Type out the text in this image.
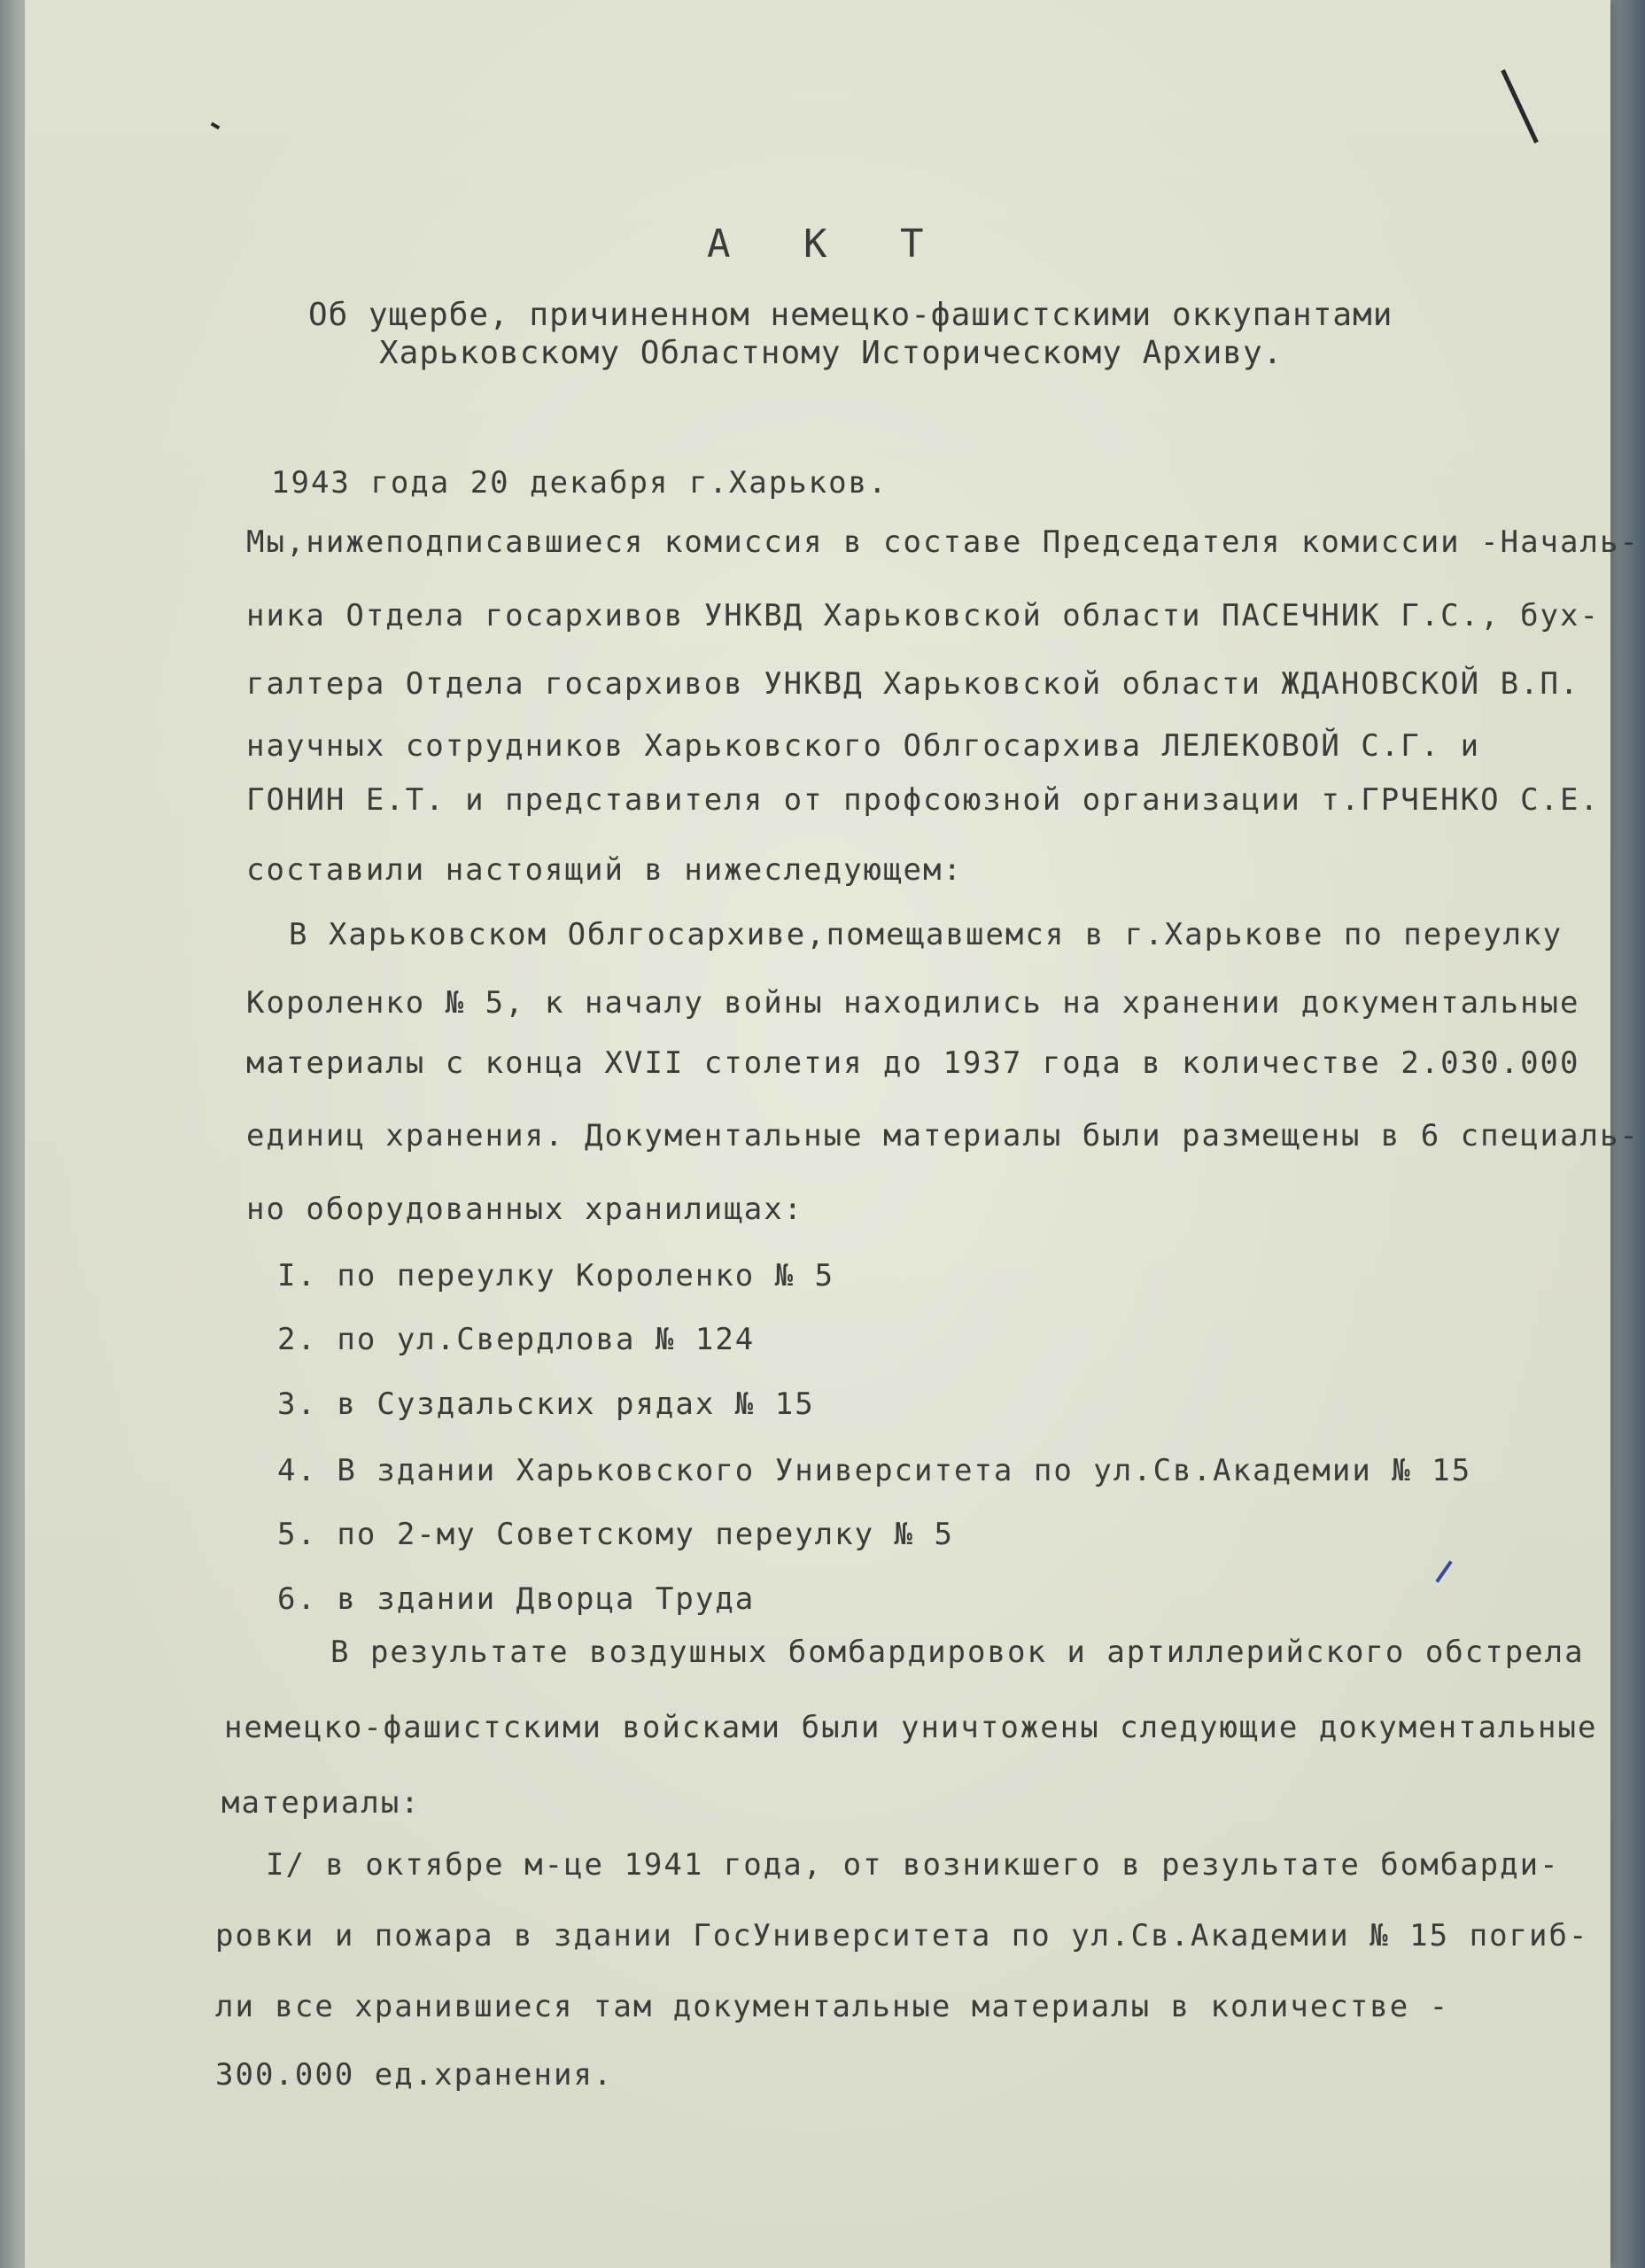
А К Т
Об ущербе, причиненном немецко-фашистскими оккупантами
Харьковскому Областному Историческому Архиву.
1943 года 20 декабря г.Харьков.
Мы,нижеподписавшиеся комиссия в составе Председателя комиссии -Началь-
ника Отдела госархивов УНКВД Харьковской области ПАСЕЧНИК Г.С., бух-
галтера Отдела госархивов УНКВД Харьковской области ЖДАНОВСКОЙ В.П.
научных сотрудников Харьковского Облгосархива ЛЕЛЕКОВОЙ С.Г. и
ГОНИН Е.Т. и представителя от профсоюзной организации т.ГРЧЕНКО С.Е.
составили настоящий в нижеследующем:
В Харьковском Облгосархиве,помещавшемся в г.Харькове по переулку
Короленко № 5, к началу войны находились на хранении документальные
материалы с конца XVII столетия до 1937 года в количестве 2.030.000
единиц хранения. Документальные материалы были размещены в 6 специаль-
но оборудованных хранилищах:
I. по переулку Короленко № 5
2. по ул.Свердлова № 124
3. в Суздальских рядах № 15
4. В здании Харьковского Университета по ул.Св.Академии № 15
5. по 2-му Советскому переулку № 5
6. в здании Дворца Труда
В результате воздушных бомбардировок и артиллерийского обстрела
немецко-фашистскими войсками были уничтожены следующие документальные
материалы:
I/ в октябре м-це 1941 года, от возникшего в результате бомбарди-
ровки и пожара в здании ГосУниверситета по ул.Св.Академии № 15 погиб-
ли все хранившиеся там документальные материалы в количестве -
300.000 ед.хранения.
